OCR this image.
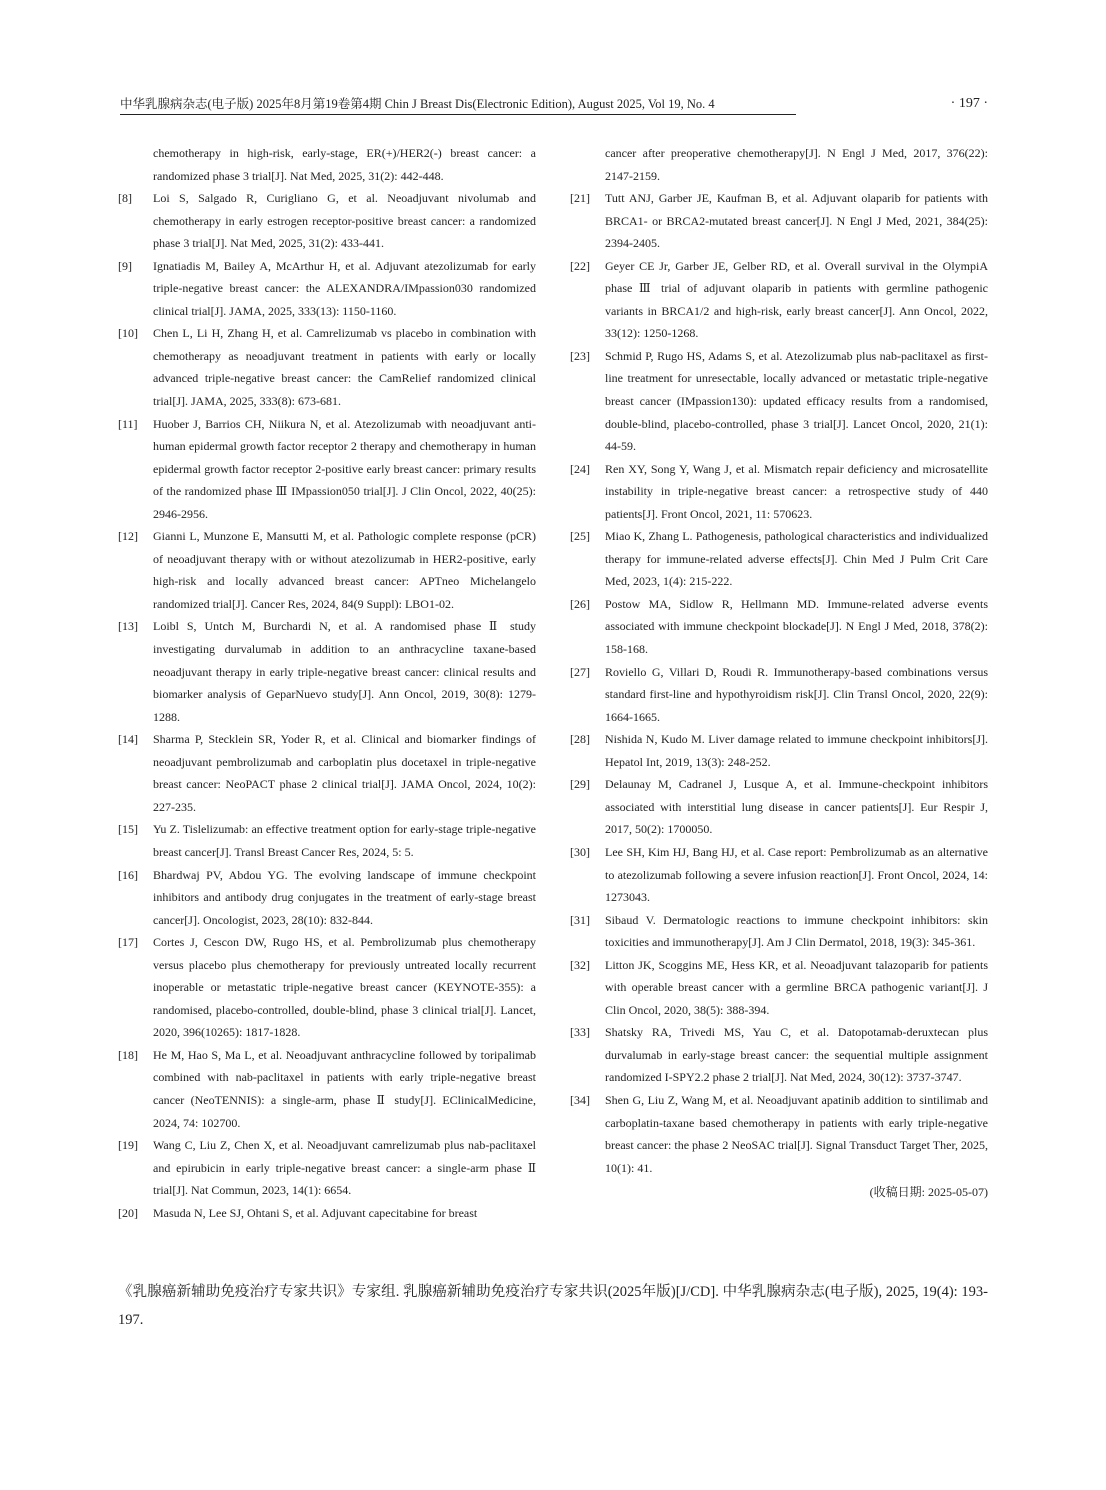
中华乳腺病杂志(电子版) 2025年8月第19卷第4期 Chin J Breast Dis(Electronic Edition), August 2025, Vol 19, No. 4	· 197 ·
chemotherapy in high-risk, early-stage, ER(+)/HER2(-) breast cancer: a randomized phase 3 trial[J]. Nat Med, 2025, 31(2): 442-448.
[8] Loi S, Salgado R, Curigliano G, et al. Neoadjuvant nivolumab and chemotherapy in early estrogen receptor-positive breast cancer: a randomized phase 3 trial[J]. Nat Med, 2025, 31(2): 433-441.
[9] Ignatiadis M, Bailey A, McArthur H, et al. Adjuvant atezolizumab for early triple-negative breast cancer: the ALEXANDRA/IMpassion030 randomized clinical trial[J]. JAMA, 2025, 333(13): 1150-1160.
[10] Chen L, Li H, Zhang H, et al. Camrelizumab vs placebo in combination with chemotherapy as neoadjuvant treatment in patients with early or locally advanced triple-negative breast cancer: the CamRelief randomized clinical trial[J]. JAMA, 2025, 333(8): 673-681.
[11] Huober J, Barrios CH, Niikura N, et al. Atezolizumab with neoadjuvant anti-human epidermal growth factor receptor 2 therapy and chemotherapy in human epidermal growth factor receptor 2-positive early breast cancer: primary results of the randomized phase Ⅲ IMpassion050 trial[J]. J Clin Oncol, 2022, 40(25): 2946-2956.
[12] Gianni L, Munzone E, Mansutti M, et al. Pathologic complete response (pCR) of neoadjuvant therapy with or without atezolizumab in HER2-positive, early high-risk and locally advanced breast cancer: APTneo Michelangelo randomized trial[J]. Cancer Res, 2024, 84(9 Suppl): LBO1-02.
[13] Loibl S, Untch M, Burchardi N, et al. A randomised phase Ⅱ study investigating durvalumab in addition to an anthracycline taxane-based neoadjuvant therapy in early triple-negative breast cancer: clinical results and biomarker analysis of GeparNuevo study[J]. Ann Oncol, 2019, 30(8): 1279-1288.
[14] Sharma P, Stecklein SR, Yoder R, et al. Clinical and biomarker findings of neoadjuvant pembrolizumab and carboplatin plus docetaxel in triple-negative breast cancer: NeoPACT phase 2 clinical trial[J]. JAMA Oncol, 2024, 10(2): 227-235.
[15] Yu Z. Tislelizumab: an effective treatment option for early-stage triple-negative breast cancer[J]. Transl Breast Cancer Res, 2024, 5: 5.
[16] Bhardwaj PV, Abdou YG. The evolving landscape of immune checkpoint inhibitors and antibody drug conjugates in the treatment of early-stage breast cancer[J]. Oncologist, 2023, 28(10): 832-844.
[17] Cortes J, Cescon DW, Rugo HS, et al. Pembrolizumab plus chemotherapy versus placebo plus chemotherapy for previously untreated locally recurrent inoperable or metastatic triple-negative breast cancer (KEYNOTE-355): a randomised, placebo-controlled, double-blind, phase 3 clinical trial[J]. Lancet, 2020, 396(10265): 1817-1828.
[18] He M, Hao S, Ma L, et al. Neoadjuvant anthracycline followed by toripalimab combined with nab-paclitaxel in patients with early triple-negative breast cancer (NeoTENNIS): a single-arm, phase Ⅱ study[J]. EClinicalMedicine, 2024, 74: 102700.
[19] Wang C, Liu Z, Chen X, et al. Neoadjuvant camrelizumab plus nab-paclitaxel and epirubicin in early triple-negative breast cancer: a single-arm phase Ⅱ trial[J]. Nat Commun, 2023, 14(1): 6654.
[20] Masuda N, Lee SJ, Ohtani S, et al. Adjuvant capecitabine for breast
cancer after preoperative chemotherapy[J]. N Engl J Med, 2017, 376(22): 2147-2159.
[21] Tutt ANJ, Garber JE, Kaufman B, et al. Adjuvant olaparib for patients with BRCA1- or BRCA2-mutated breast cancer[J]. N Engl J Med, 2021, 384(25): 2394-2405.
[22] Geyer CE Jr, Garber JE, Gelber RD, et al. Overall survival in the OlympiA phase Ⅲ trial of adjuvant olaparib in patients with germline pathogenic variants in BRCA1/2 and high-risk, early breast cancer[J]. Ann Oncol, 2022, 33(12): 1250-1268.
[23] Schmid P, Rugo HS, Adams S, et al. Atezolizumab plus nab-paclitaxel as first-line treatment for unresectable, locally advanced or metastatic triple-negative breast cancer (IMpassion130): updated efficacy results from a randomised, double-blind, placebo-controlled, phase 3 trial[J]. Lancet Oncol, 2020, 21(1): 44-59.
[24] Ren XY, Song Y, Wang J, et al. Mismatch repair deficiency and microsatellite instability in triple-negative breast cancer: a retrospective study of 440 patients[J]. Front Oncol, 2021, 11: 570623.
[25] Miao K, Zhang L. Pathogenesis, pathological characteristics and individualized therapy for immune-related adverse effects[J]. Chin Med J Pulm Crit Care Med, 2023, 1(4): 215-222.
[26] Postow MA, Sidlow R, Hellmann MD. Immune-related adverse events associated with immune checkpoint blockade[J]. N Engl J Med, 2018, 378(2): 158-168.
[27] Roviello G, Villari D, Roudi R. Immunotherapy-based combinations versus standard first-line and hypothyroidism risk[J]. Clin Transl Oncol, 2020, 22(9): 1664-1665.
[28] Nishida N, Kudo M. Liver damage related to immune checkpoint inhibitors[J]. Hepatol Int, 2019, 13(3): 248-252.
[29] Delaunay M, Cadranel J, Lusque A, et al. Immune-checkpoint inhibitors associated with interstitial lung disease in cancer patients[J]. Eur Respir J, 2017, 50(2): 1700050.
[30] Lee SH, Kim HJ, Bang HJ, et al. Case report: Pembrolizumab as an alternative to atezolizumab following a severe infusion reaction[J]. Front Oncol, 2024, 14: 1273043.
[31] Sibaud V. Dermatologic reactions to immune checkpoint inhibitors: skin toxicities and immunotherapy[J]. Am J Clin Dermatol, 2018, 19(3): 345-361.
[32] Litton JK, Scoggins ME, Hess KR, et al. Neoadjuvant talazoparib for patients with operable breast cancer with a germline BRCA pathogenic variant[J]. J Clin Oncol, 2020, 38(5): 388-394.
[33] Shatsky RA, Trivedi MS, Yau C, et al. Datopotamab-deruxtecan plus durvalumab in early-stage breast cancer: the sequential multiple assignment randomized I-SPY2.2 phase 2 trial[J]. Nat Med, 2024, 30(12): 3737-3747.
[34] Shen G, Liu Z, Wang M, et al. Neoadjuvant apatinib addition to sintilimab and carboplatin-taxane based chemotherapy in patients with early triple-negative breast cancer: the phase 2 NeoSAC trial[J]. Signal Transduct Target Ther, 2025, 10(1): 41.
(收稿日期: 2025-05-07)
《乳腺癌新辅助免疫治疗专家共识》专家组. 乳腺癌新辅助免疫治疗专家共识(2025年版)[J/CD]. 中华乳腺病杂志(电子版), 2025, 19(4): 193-197.
